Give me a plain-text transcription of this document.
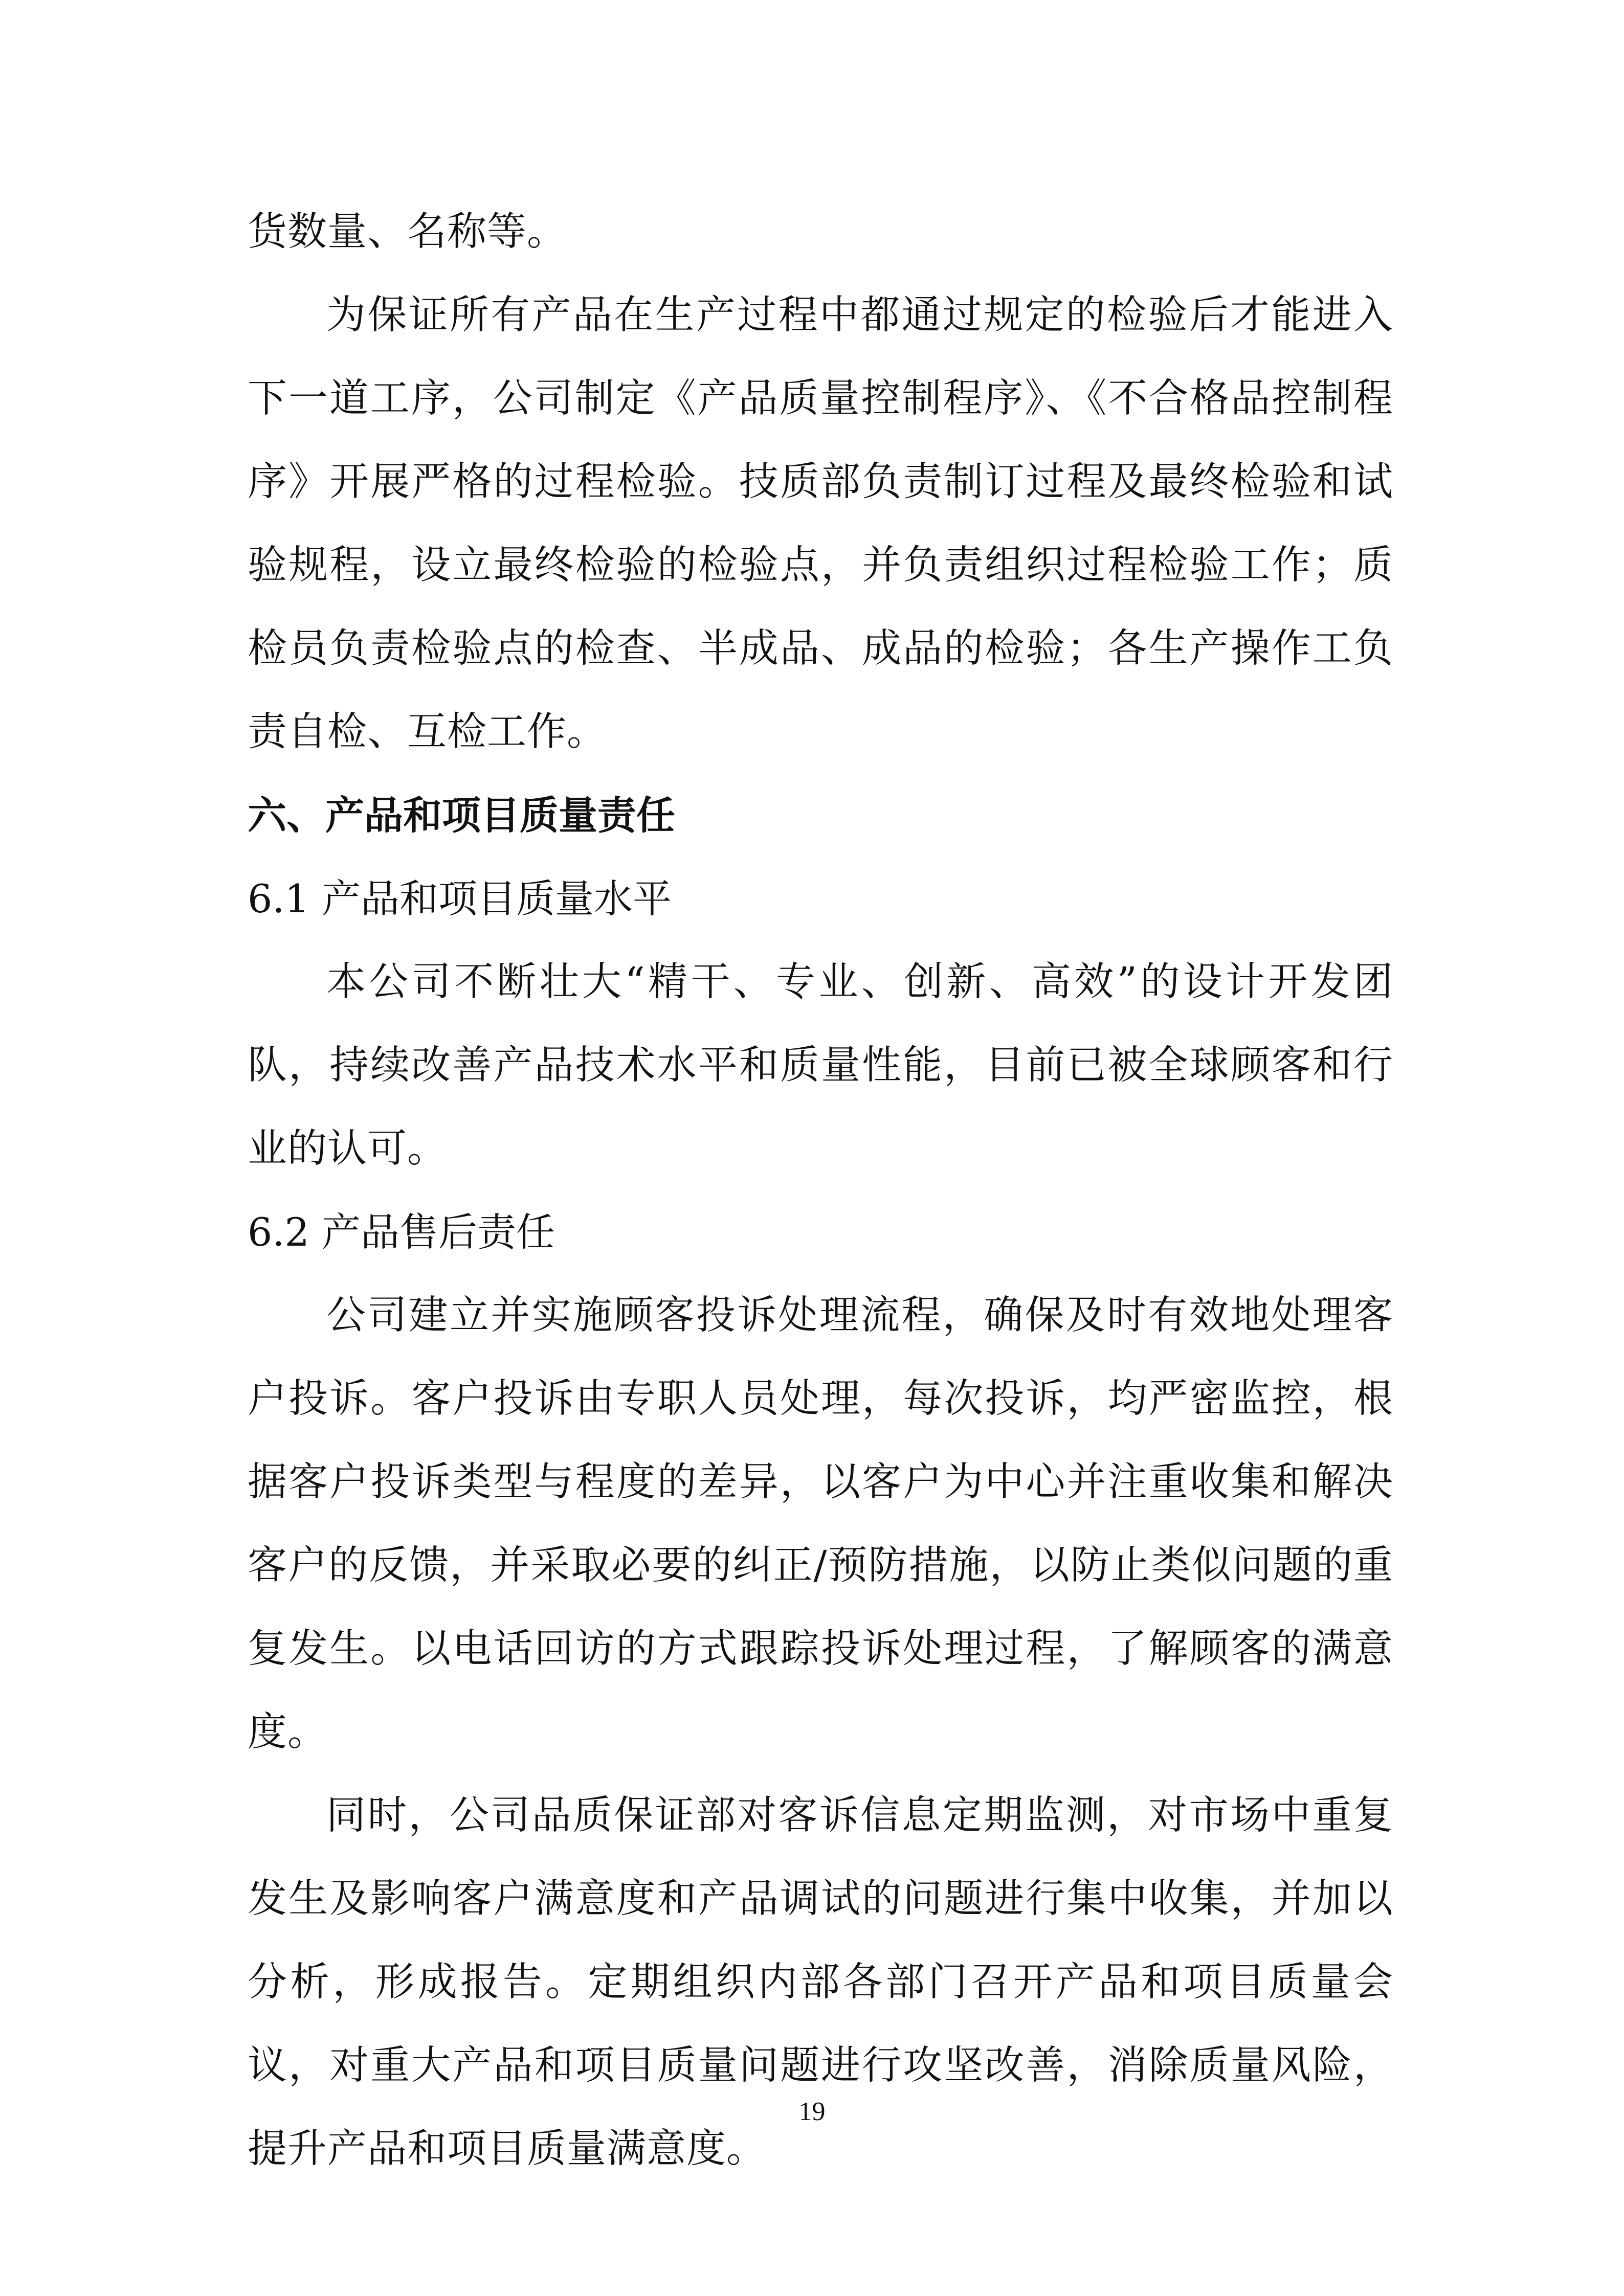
货数量、名称等。

为保证所有产品在生产过程中都通过规定的检验后才能进入下一道工序，公司制定《产品质量控制程序》、《不合格品控制程序》开展严格的过程检验。技质部负责制订过程及最终检验和试验规程，设立最终检验的检验点，并负责组织过程检验工作；质检员负责检验点的检查、半成品、成品的检验；各生产操作工负责自检、互检工作。

六、产品和项目质量责任

6.1 产品和项目质量水平

本公司不断壮大“精干、专业、创新、高效”的设计开发团队，持续改善产品技术水平和质量性能，目前已被全球顾客和行业的认可。

6.2 产品售后责任

公司建立并实施顾客投诉处理流程，确保及时有效地处理客户投诉。客户投诉由专职人员处理，每次投诉，均严密监控，根据客户投诉类型与程度的差异，以客户为中心并注重收集和解决客户的反馈，并采取必要的纠正/预防措施，以防止类似问题的重复发生。以电话回访的方式跟踪投诉处理过程，了解顾客的满意度。

同时，公司品质保证部对客诉信息定期监测，对市场中重复发生及影响客户满意度和产品调试的问题进行集中收集，并加以分析，形成报告。定期组织内部各部门召开产品和项目质量会议，对重大产品和项目质量问题进行攻坚改善，消除质量风险，提升产品和项目质量满意度。

19
